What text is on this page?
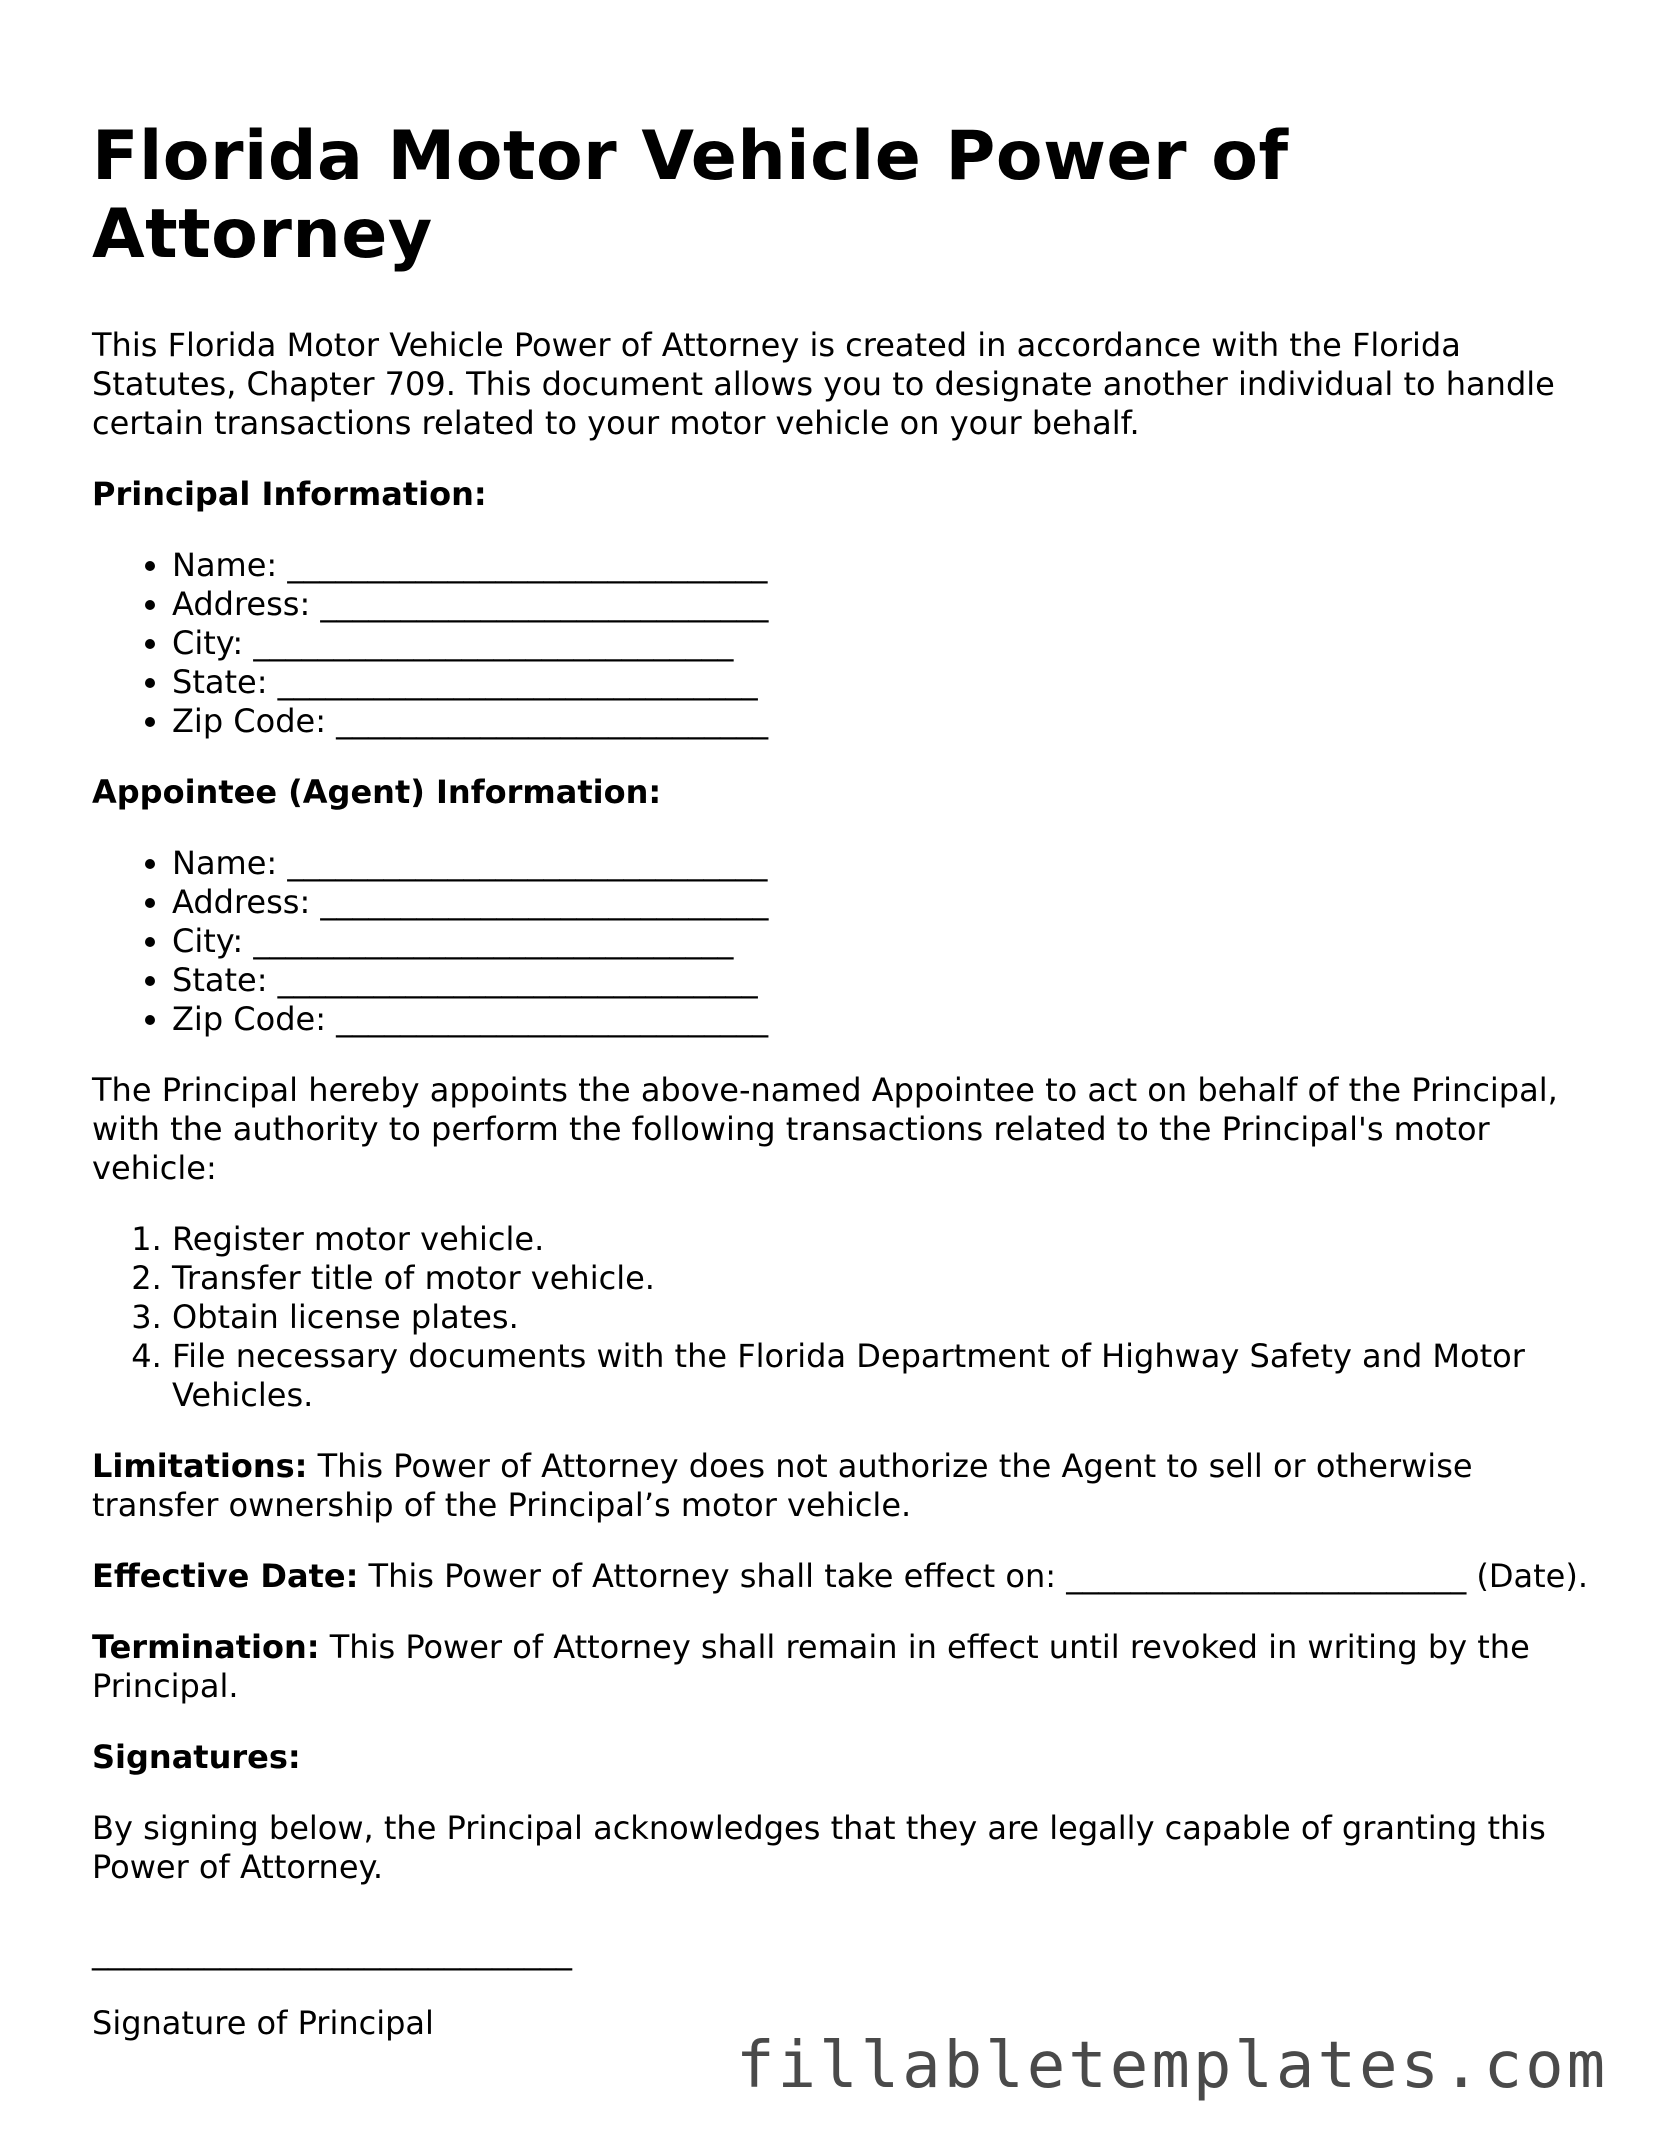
Florida Motor Vehicle Power of Attorney

This Florida Motor Vehicle Power of Attorney is created in accordance with the Florida Statutes, Chapter 709. This document allows you to designate another individual to handle certain transactions related to your motor vehicle on your behalf.

Principal Information:
• Name: ______________________________
• Address: ____________________________
• City: ______________________________
• State: ______________________________
• Zip Code: ___________________________
Appointee (Agent) Information:
• Name: ______________________________
• Address: ____________________________
• City: ______________________________
• State: ______________________________
• Zip Code: ___________________________

The Principal hereby appoints the above-named Appointee to act on behalf of the Principal, with the authority to perform the following transactions related to the Principal's motor vehicle:

1. Register motor vehicle.
2. Transfer title of motor vehicle.
3. Obtain license plates.
4. File necessary documents with the Florida Department of Highway Safety and Motor Vehicles.

Limitations: This Power of Attorney does not authorize the Agent to sell or otherwise transfer ownership of the Principal’s motor vehicle.

Effective Date: This Power of Attorney shall take effect on: _________________________ (Date).

Termination: This Power of Attorney shall remain in effect until revoked in writing by the Principal.

Signatures:

By signing below, the Principal acknowledges that they are legally capable of granting this Power of Attorney.

______________________________

Signature of Principal

fillabletemplates.com
